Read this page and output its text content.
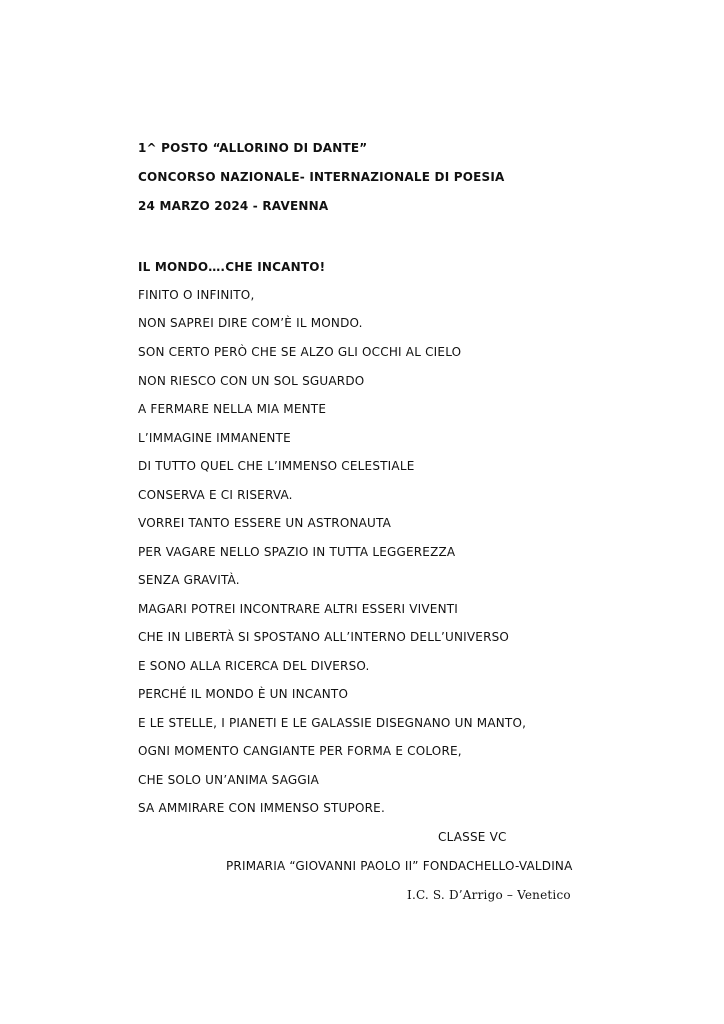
1^ POSTO “ALLORINO DI DANTE”
CONCORSO NAZIONALE- INTERNAZIONALE DI POESIA
24 MARZO 2024 - RAVENNA
IL MONDO….CHE INCANTO!
FINITO O INFINITO,
NON SAPREI DIRE COM’È IL MONDO.
SON CERTO PERÒ CHE SE ALZO GLI OCCHI AL CIELO
NON RIESCO CON UN SOL SGUARDO
A FERMARE NELLA MIA MENTE
L’IMMAGINE IMMANENTE
DI TUTTO QUEL CHE L’IMMENSO CELESTIALE
CONSERVA E CI RISERVA.
VORREI TANTO ESSERE UN ASTRONAUTA
PER VAGARE NELLO SPAZIO IN TUTTA LEGGEREZZA
SENZA GRAVITÀ.
MAGARI POTREI INCONTRARE ALTRI ESSERI VIVENTI
CHE IN LIBERTÀ SI SPOSTANO ALL’INTERNO DELL’UNIVERSO
E SONO ALLA RICERCA DEL DIVERSO.
PERCHÉ IL MONDO È UN INCANTO
E LE STELLE, I PIANETI E LE GALASSIE DISEGNANO UN MANTO,
OGNI MOMENTO CANGIANTE PER FORMA E COLORE,
CHE SOLO UN’ANIMA SAGGIA
SA AMMIRARE CON IMMENSO STUPORE.
CLASSE VC
PRIMARIA “GIOVANNI PAOLO II” FONDACHELLO-VALDINA
I.C. S. D’Arrigo – Venetico
